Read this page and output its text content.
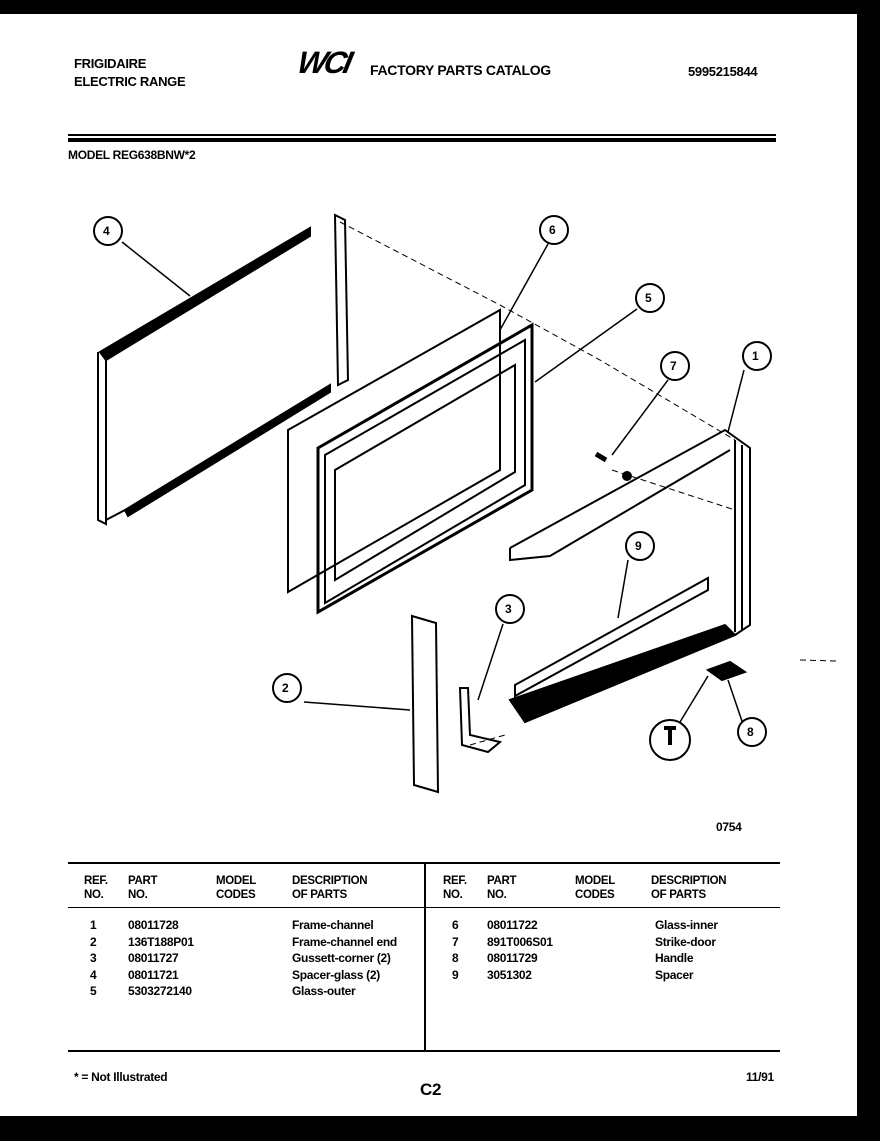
FRIGIDAIRE
ELECTRIC RANGE
WCI FACTORY PARTS CATALOG	5995215844
MODEL REG638BNW*2
4	6
5
7
1
9
3
2
8
0754
REF.
NO.
PART
NO.
MODEL
CODES
DESCRIPTION
OF PARTS
1	08011728	Frame-channel
2	136T188P01	Frame-channel end
3	08011727	Gussett-corner (2)
4	08011721	Spacer-glass (2)
5	5303272140	Glass-outer
REF.
NO.
PART
NO.
MODEL
CODES
DESCRIPTION
OF PARTS
6 08011722	Glass-inner
7 891T006S01	Strike-door
8 08011729	Handle
9 3051302	Spacer
* = Not Illustrated
C2
11/91
